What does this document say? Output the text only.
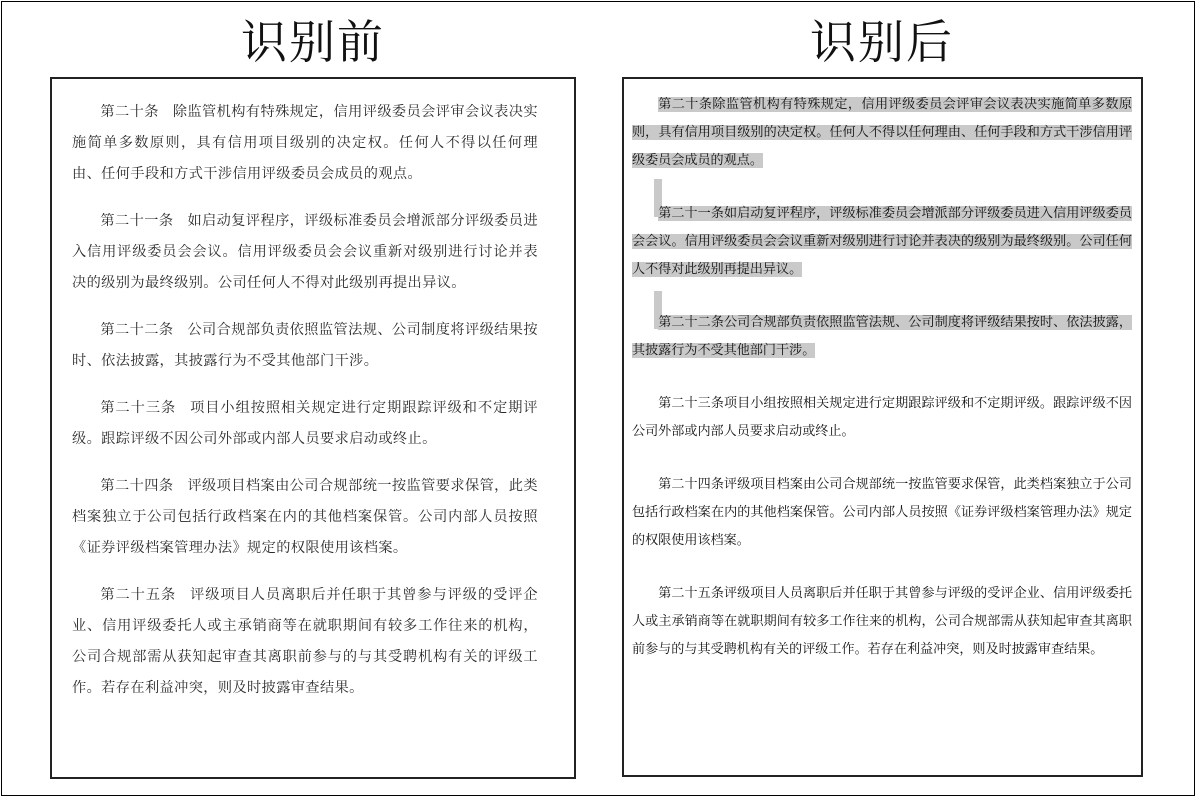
识别前	识别后

第二十条 除监管机构有特殊规定，信用评级委员会评审会议表决实施简单多数原则，具有信用项目级别的决定权。任何人不得以任何理由、任何手段和方式干涉信用评级委员会成员的观点。

第二十一条 如启动复评程序，评级标准委员会增派部分评级委员进入信用评级委员会会议。信用评级委员会会议重新对级别进行讨论并表决的级别为最终级别。公司任何人不得对此级别再提出异议。

第二十二条 公司合规部负责依照监管法规、公司制度将评级结果按时、依法披露，其披露行为不受其他部门干涉。

第二十三条 项目小组按照相关规定进行定期跟踪评级和不定期评级。跟踪评级不因公司外部或内部人员要求启动或终止。

第二十四条 评级项目档案由公司合规部统一按监管要求保管，此类档案独立于公司包括行政档案在内的其他档案保管。公司内部人员按照《证券评级档案管理办法》规定的权限使用该档案。

第二十五条 评级项目人员离职后并任职于其曾参与评级的受评企业、信用评级委托人或主承销商等在就职期间有较多工作往来的机构，公司合规部需从获知起审查其离职前参与的与其受聘机构有关的评级工作。若存在利益冲突，则及时披露审查结果。

第二十条除监管机构有特殊规定，信用评级委员会评审会议表决实施简单多数原则，具有信用项目级别的决定权。任何人不得以任何理由、任何手段和方式干涉信用评级委员会成员的观点。

第二十一条如启动复评程序，评级标准委员会增派部分评级委员进入信用评级委员会会议。信用评级委员会会议重新对级别进行讨论并表决的级别为最终级别。公司任何人不得对此级别再提出异议。

第二十二条公司合规部负责依照监管法规、公司制度将评级结果按时、依法披露，其披露行为不受其他部门干涉。

第二十三条项目小组按照相关规定进行定期跟踪评级和不定期评级。跟踪评级不因公司外部或内部人员要求启动或终止。

第二十四条评级项目档案由公司合规部统一按监管要求保管，此类档案独立于公司包括行政档案在内的其他档案保管。公司内部人员按照《证券评级档案管理办法》规定的权限使用该档案。

第二十五条评级项目人员离职后并任职于其曾参与评级的受评企业、信用评级委托人或主承销商等在就职期间有较多工作往来的机构，公司合规部需从获知起审查其离职前参与的与其受聘机构有关的评级工作。若存在利益冲突，则及时披露审查结果。
